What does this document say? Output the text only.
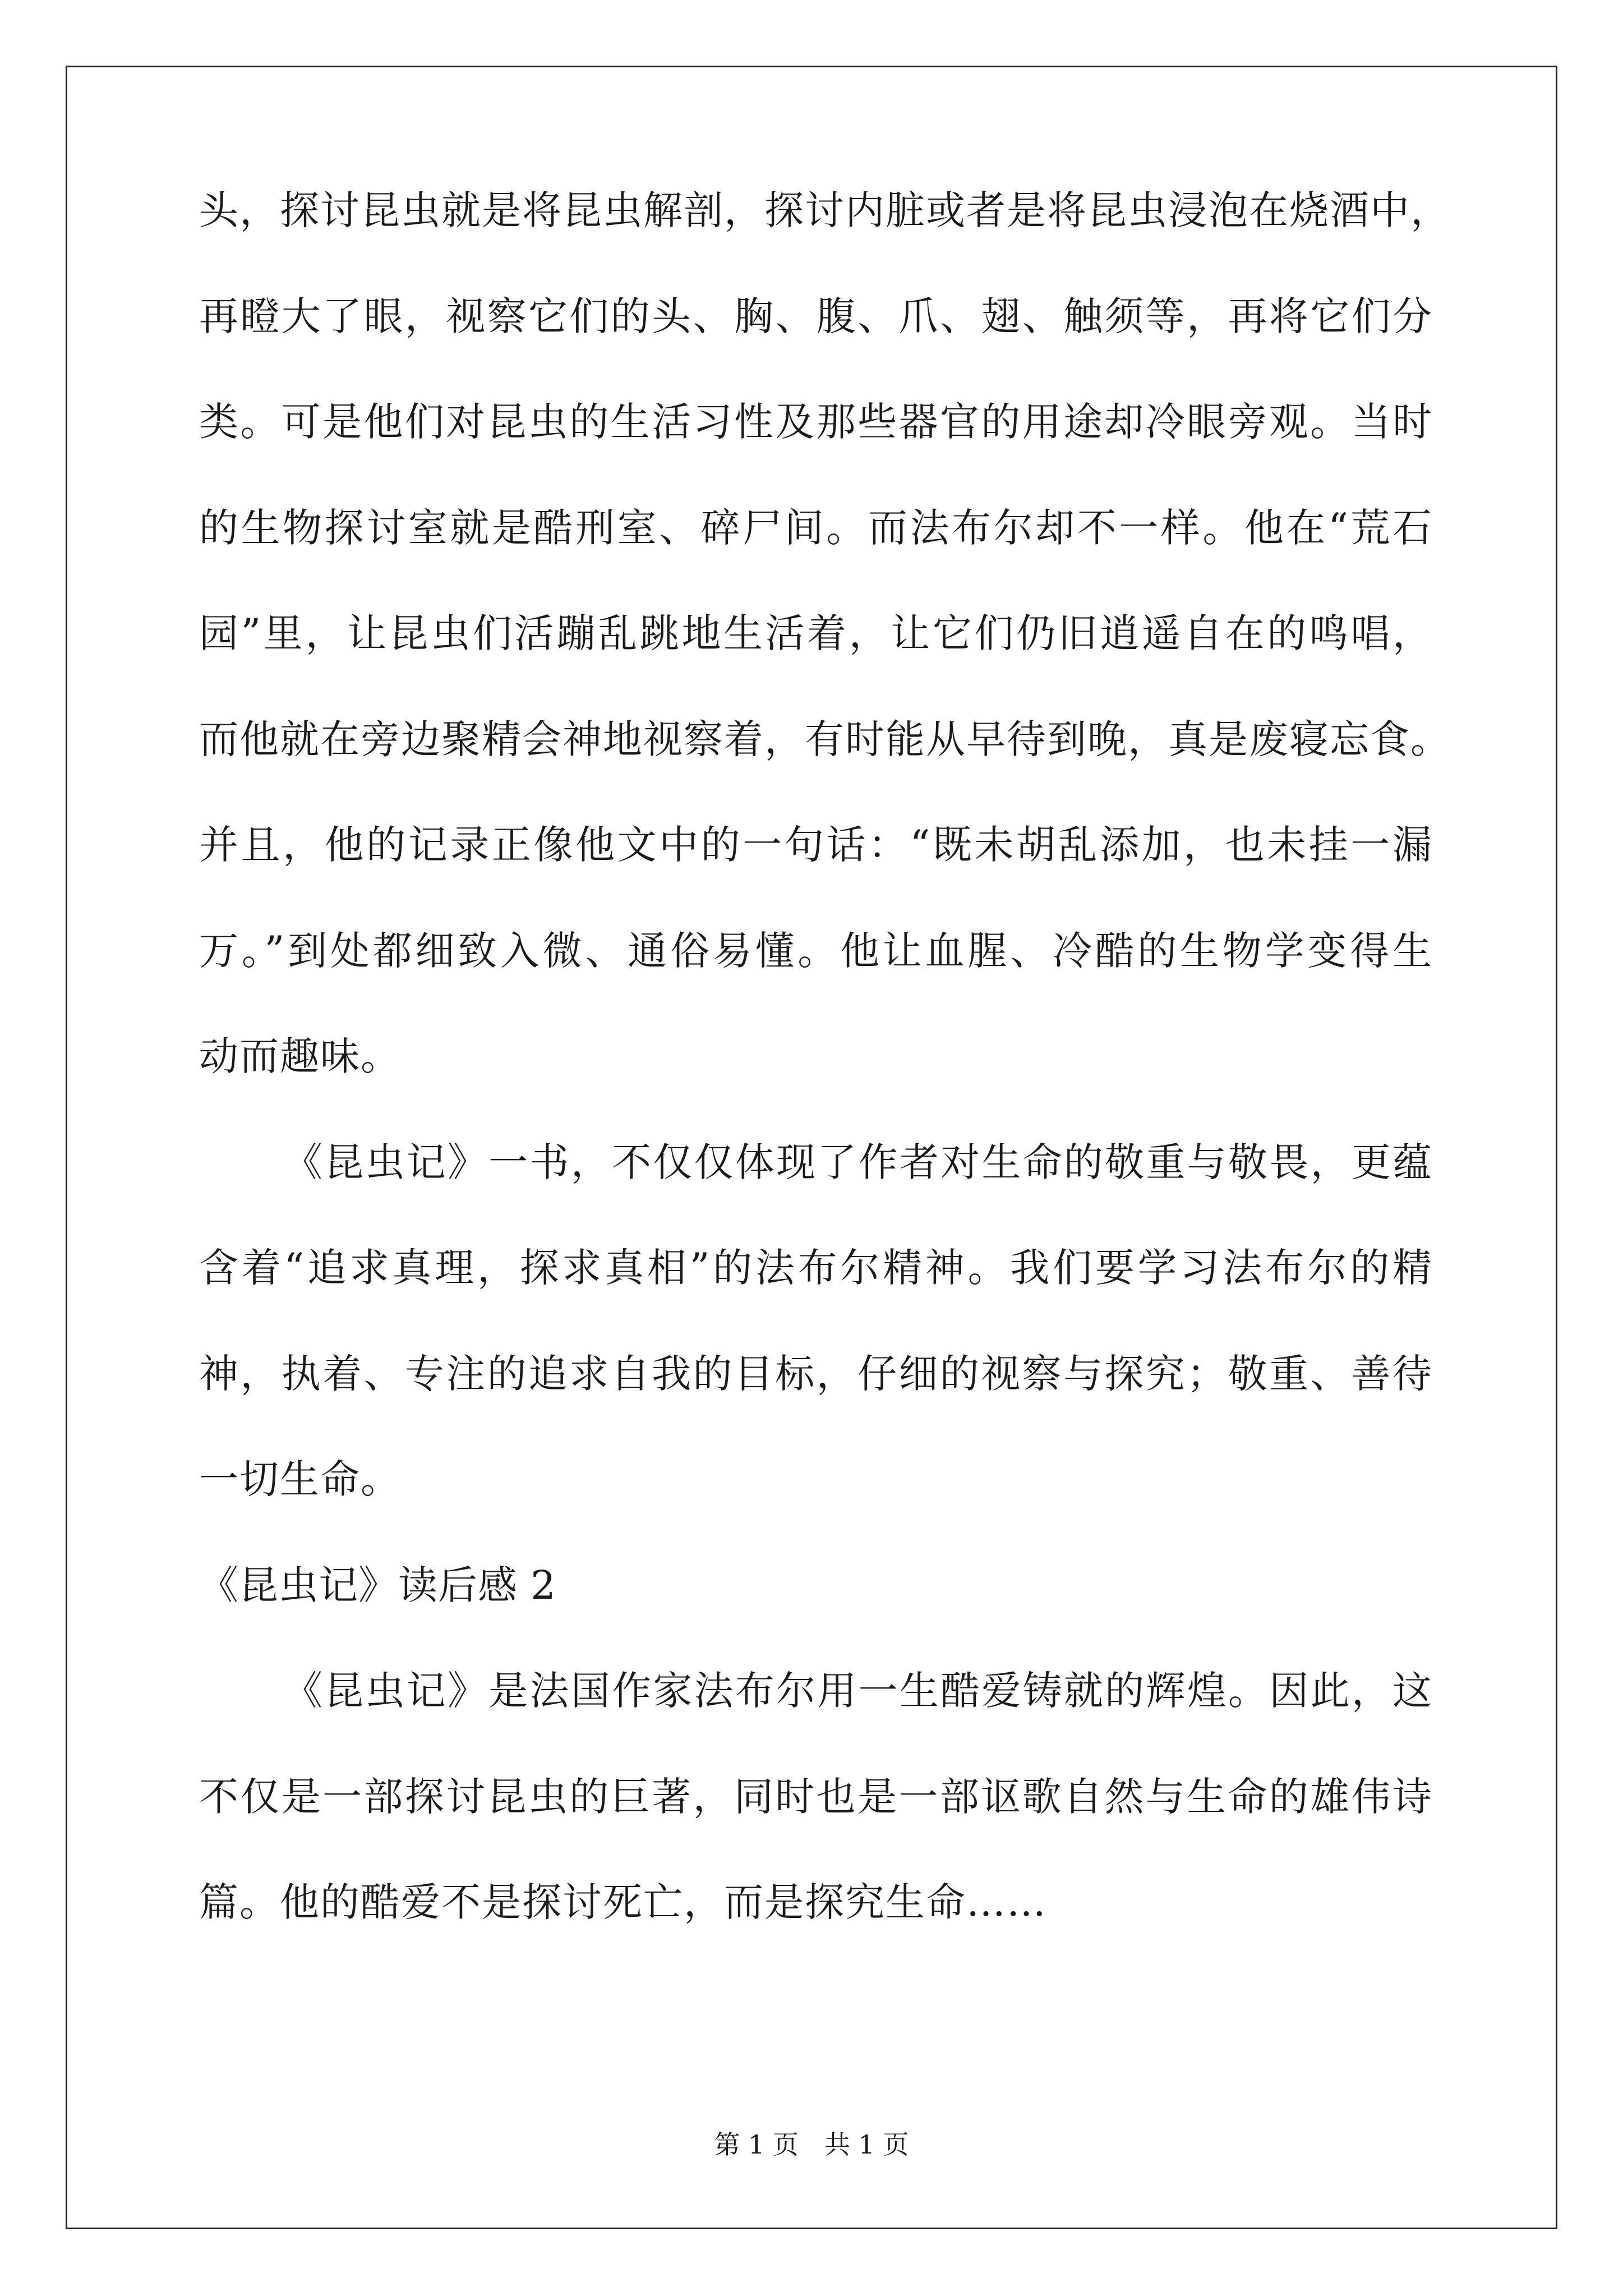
头，探讨昆虫就是将昆虫解剖，探讨内脏或者是将昆虫浸泡在烧酒中，
再瞪大了眼，视察它们的头、胸、腹、爪、翅、触须等，再将它们分
类。可是他们对昆虫的生活习性及那些器官的用途却冷眼旁观。当时
的生物探讨室就是酷刑室、碎尸间。而法布尔却不一样。他在“荒石
园”里，让昆虫们活蹦乱跳地生活着，让它们仍旧逍遥自在的鸣唱，
而他就在旁边聚精会神地视察着，有时能从早待到晚，真是废寝忘食。
并且，他的记录正像他文中的一句话：“既未胡乱添加，也未挂一漏
万。”到处都细致入微、通俗易懂。他让血腥、冷酷的生物学变得生
动而趣味。
《昆虫记》一书，不仅仅体现了作者对生命的敬重与敬畏，更蕴
含着“追求真理，探求真相”的法布尔精神。我们要学习法布尔的精
神，执着、专注的追求自我的目标，仔细的视察与探究；敬重、善待
一切生命。
《昆虫记》读后感 2
《昆虫记》是法国作家法布尔用一生酷爱铸就的辉煌。因此，这
不仅是一部探讨昆虫的巨著，同时也是一部讴歌自然与生命的雄伟诗
篇。他的酷爱不是探讨死亡，而是探究生命……
第 1 页 共 1 页
